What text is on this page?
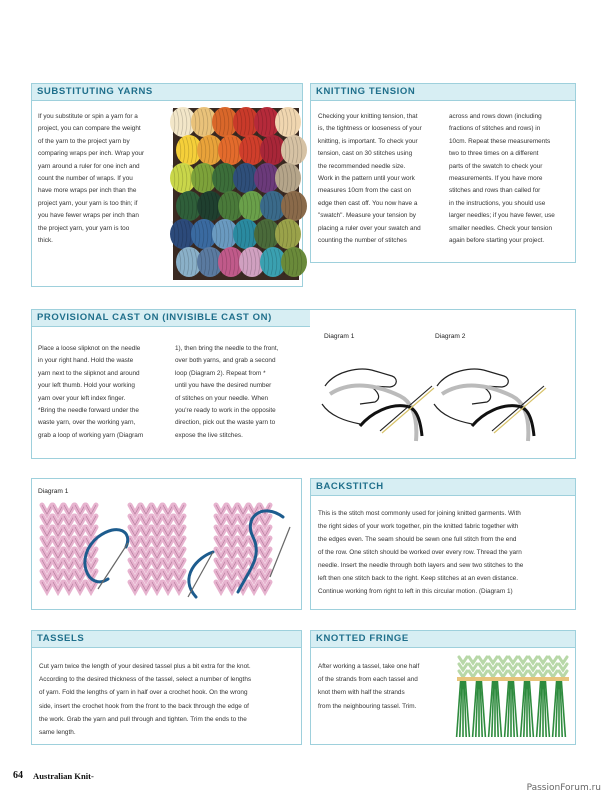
SUBSTITUTING YARNS
If you substitute or spin a yarn for a
project, you can compare the weight
of the yarn to the project yarn by
comparing wraps per inch. Wrap your
yarn around a ruler for one inch and
count the number of wraps. If you
have more wraps per inch than the
project yarn, your yarn is too thin; if
you have fewer wraps per inch than
the project yarn, your yarn is too
thick.
KNITTING TENSION
Checking your knitting tension, that
is, the tightness or looseness of your
knitting, is important. To check your
tension, cast on 30 stitches using
the recommended needle size.
Work in the pattern until your work
measures 10cm from the cast on
edge then cast off. You now have a
"swatch". Measure your tension by
placing a ruler over your swatch and
counting the number of stitches
across and rows down (including
fractions of stitches and rows) in
10cm. Repeat these measurements
two to three times on a different
parts of the swatch to check your
measurements. If you have more
stitches and rows than called for
in the instructions, you should use
larger needles; if you have fewer, use
smaller needles. Check your tension
again before starting your project.
PROVISIONAL CAST ON (INVISIBLE CAST ON)
Place a loose slipknot on the needle
in your right hand. Hold the waste
yarn next to the slipknot and around
your left thumb. Hold your working
yarn over your left index finger.
*Bring the needle forward under the
waste yarn, over the working yarn,
grab a loop of working yarn (Diagram
1), then bring the needle to the front,
over both yarns, and grab a second
loop (Diagram 2). Repeat from *
until you have the desired number
of stitches on your needle. When
you're ready to work in the opposite
direction, pick out the waste yarn to
expose the live stitches.
Diagram 1	Diagram 2
Diagram 1	BACKSTITCH
This is the stitch most commonly used for joining knitted garments. With
the right sides of your work together, pin the knitted fabric together with
the edges even. The seam should be sewn one full stitch from the end
of the row. One stitch should be worked over every row. Thread the yarn
needle. Insert the needle through both layers and sew two stitches to the
left then one stitch back to the right. Keep stitches at an even distance.
Continue working from right to left in this circular motion. (Diagram 1)
TASSELS
Cut yarn twice the length of your desired tassel plus a bit extra for the knot.
According to the desired thickness of the tassel, select a number of lengths
of yarn. Fold the lengths of yarn in half over a crochet hook. On the wrong
side, insert the crochet hook from the front to the back through the edge of
the work. Grab the yarn and pull through and tighten. Trim the ends to the
same length.
KNOTTED FRINGE
After working a tassel, take one half
of the strands from each tassel and
knot them with half the strands
from the neighbouring tassel. Trim.
64 Australian Knit-
PassionForum.ru
